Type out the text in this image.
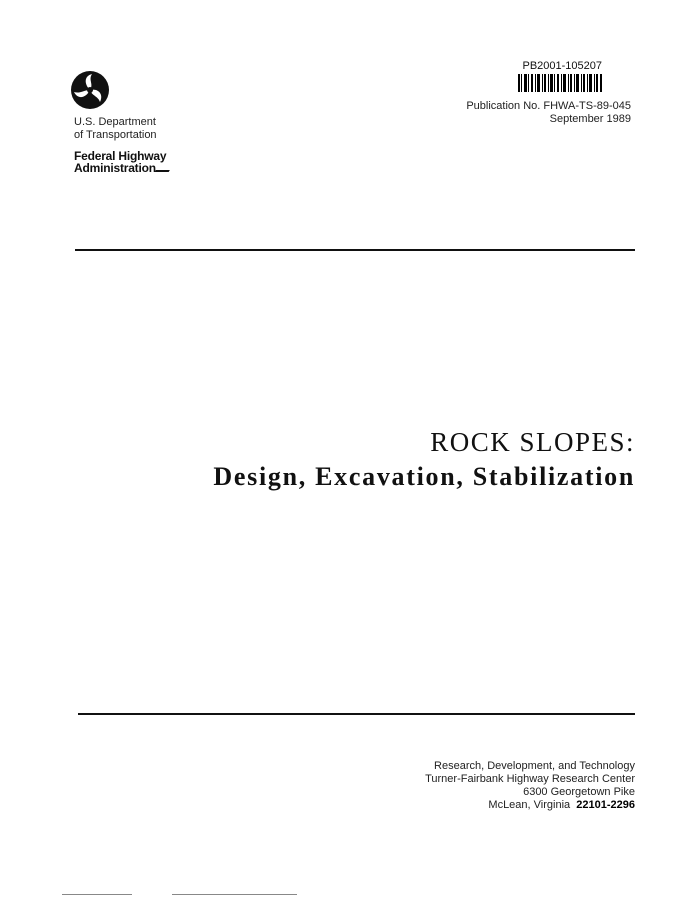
U.S. Department
of Transportation
Federal Highway
Administration
PB2001-105207
Publication No. FHWA-TS-89-045
September 1989
ROCK SLOPES:
Design, Excavation, Stabilization
Research, Development, and Technology
Turner-Fairbank Highway Research Center
6300 Georgetown Pike
McLean, Virginia 22101-2296
